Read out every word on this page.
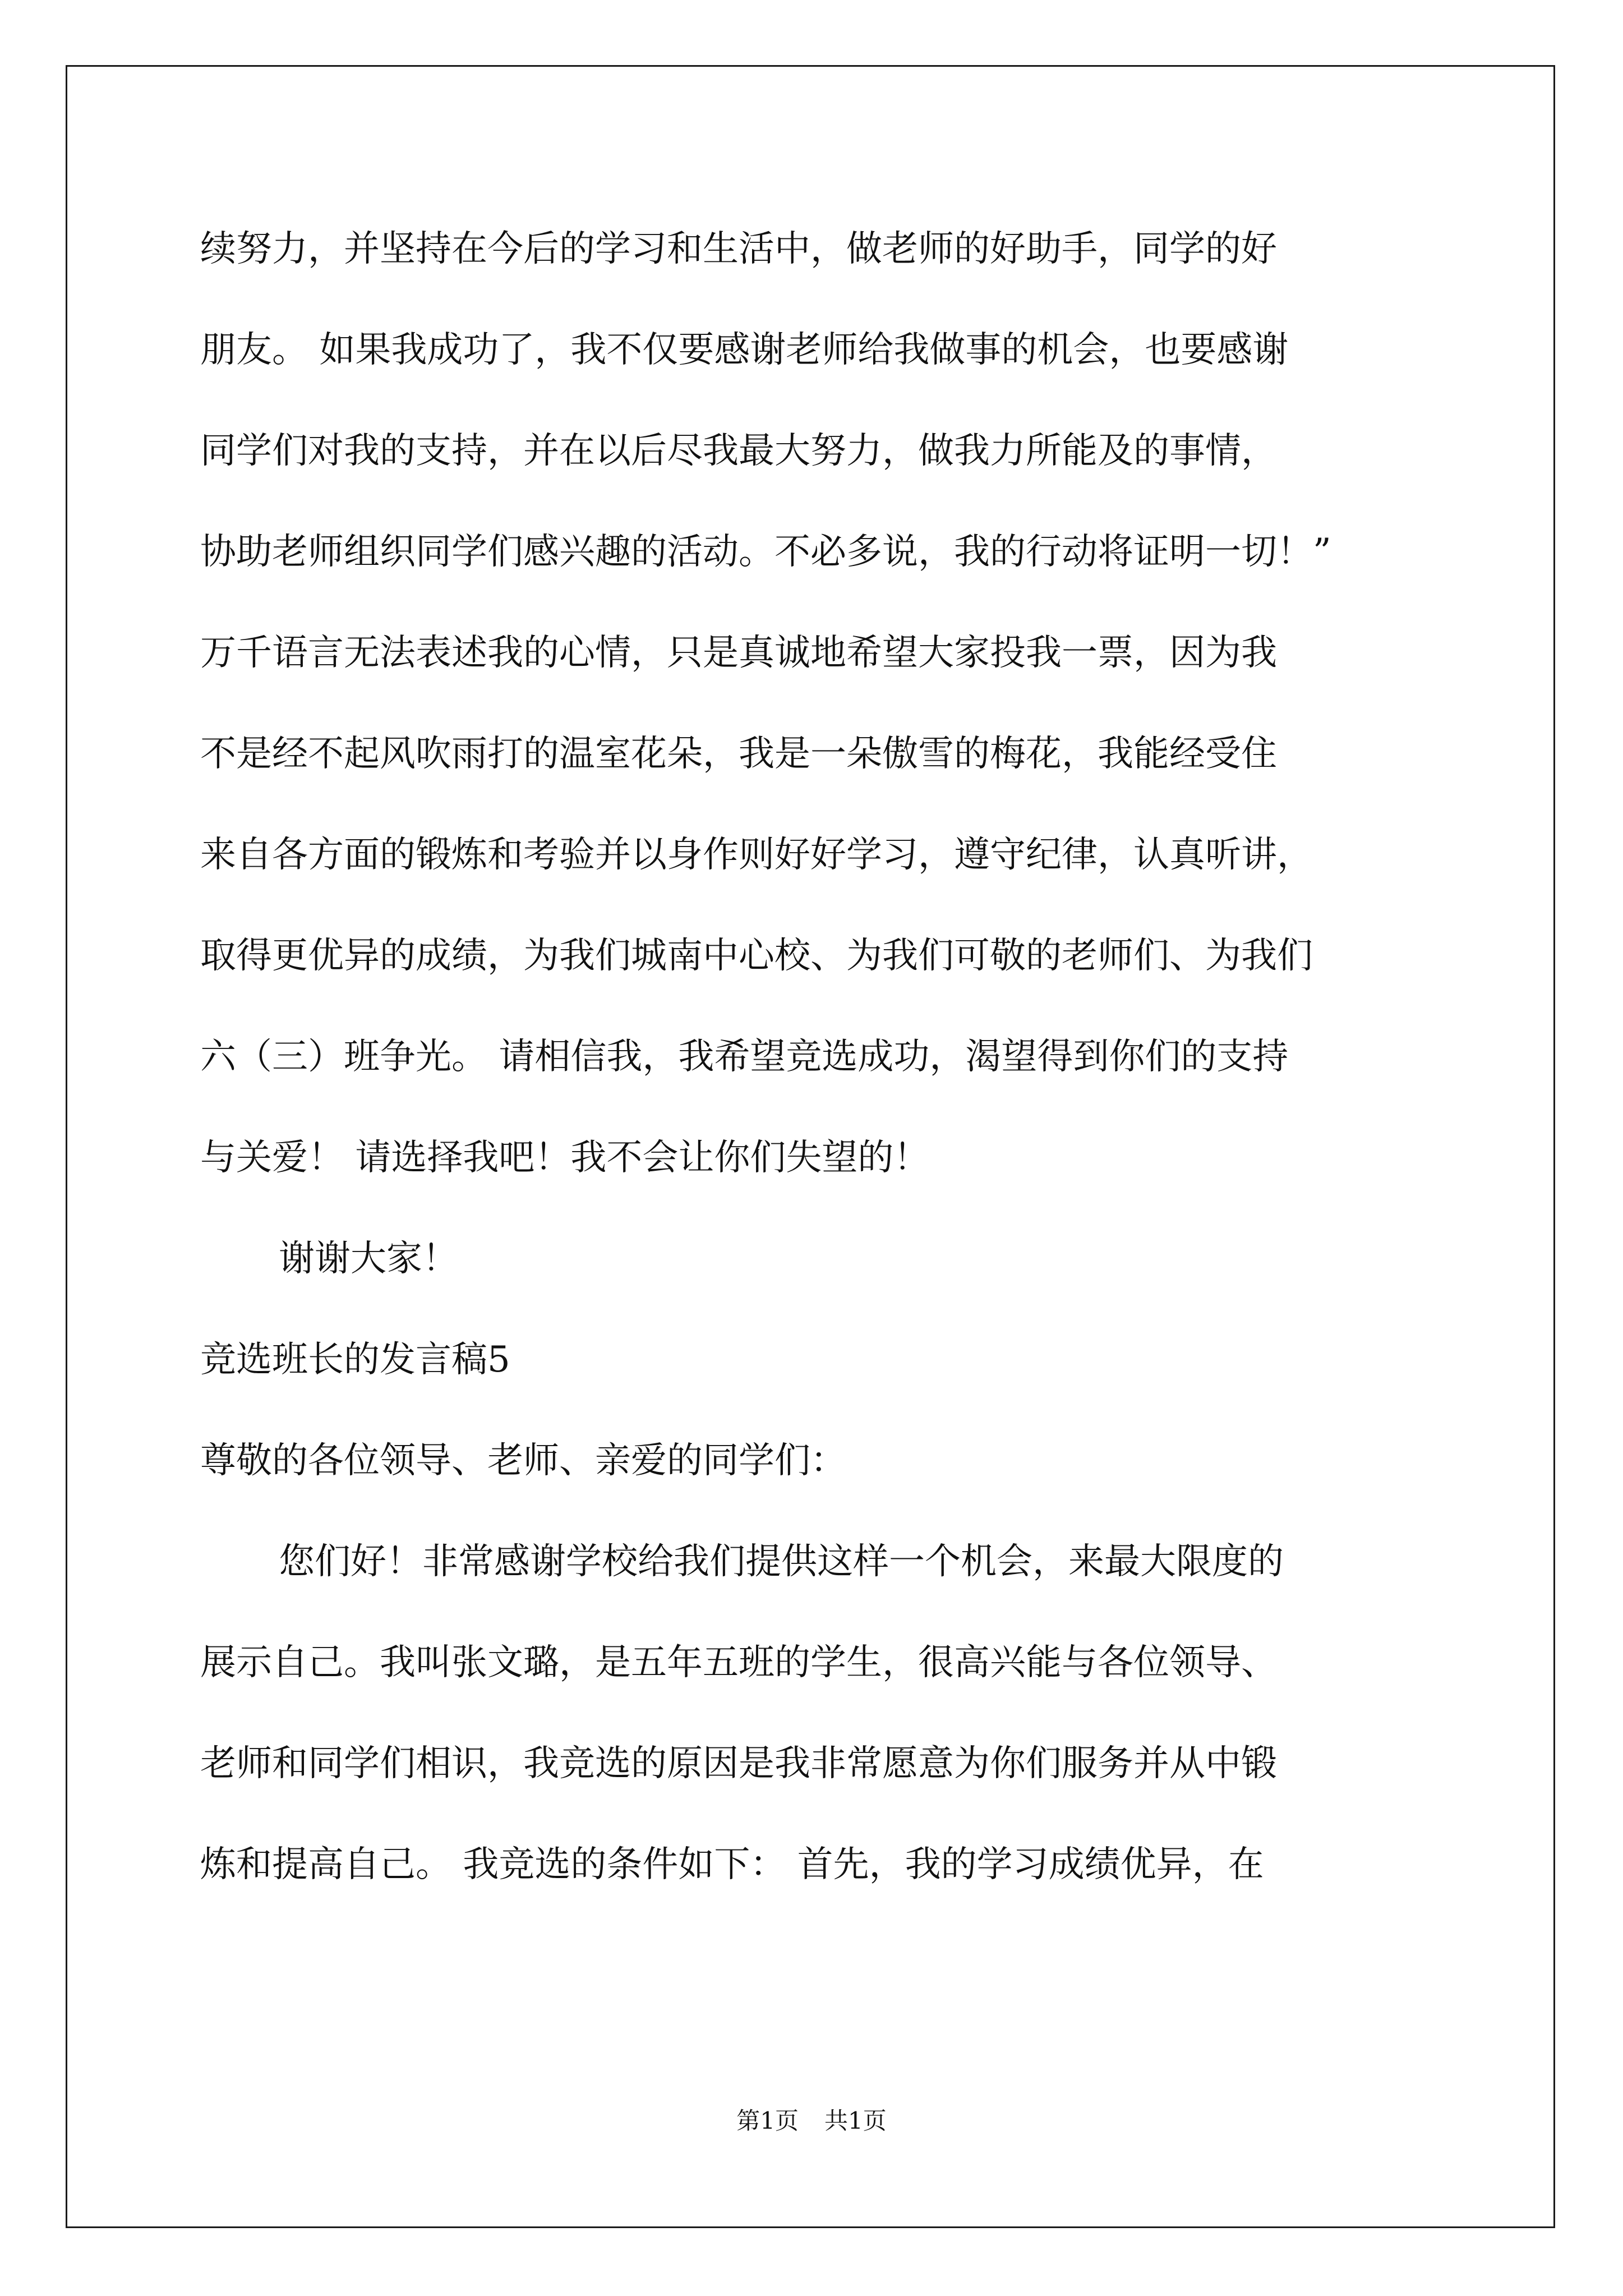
续努力，并坚持在今后的学习和生活中，做老师的好助手，同学的好
朋友。 如果我成功了，我不仅要感谢老师给我做事的机会，也要感谢
同学们对我的支持，并在以后尽我最大努力，做我力所能及的事情，
协助老师组织同学们感兴趣的活动。不必多说，我的行动将证明一切！”
万千语言无法表述我的心情，只是真诚地希望大家投我一票，因为我
不是经不起风吹雨打的温室花朵，我是一朵傲雪的梅花，我能经受住
来自各方面的锻炼和考验并以身作则好好学习，遵守纪律，认真听讲，
取得更优异的成绩，为我们城南中心校、为我们可敬的老师们、为我们
六（三）班争光。 请相信我，我希望竞选成功，渴望得到你们的支持
与关爱！ 请选择我吧！我不会让你们失望的！
谢谢大家！
竞选班长的发言稿5
尊敬的各位领导、老师、亲爱的同学们：
您们好！非常感谢学校给我们提供这样一个机会，来最大限度的
展示自己。我叫张文璐，是五年五班的学生，很高兴能与各位领导、
老师和同学们相识，我竞选的原因是我非常愿意为你们服务并从中锻
炼和提高自己。 我竞选的条件如下： 首先，我的学习成绩优异，在
第1页 共1页
